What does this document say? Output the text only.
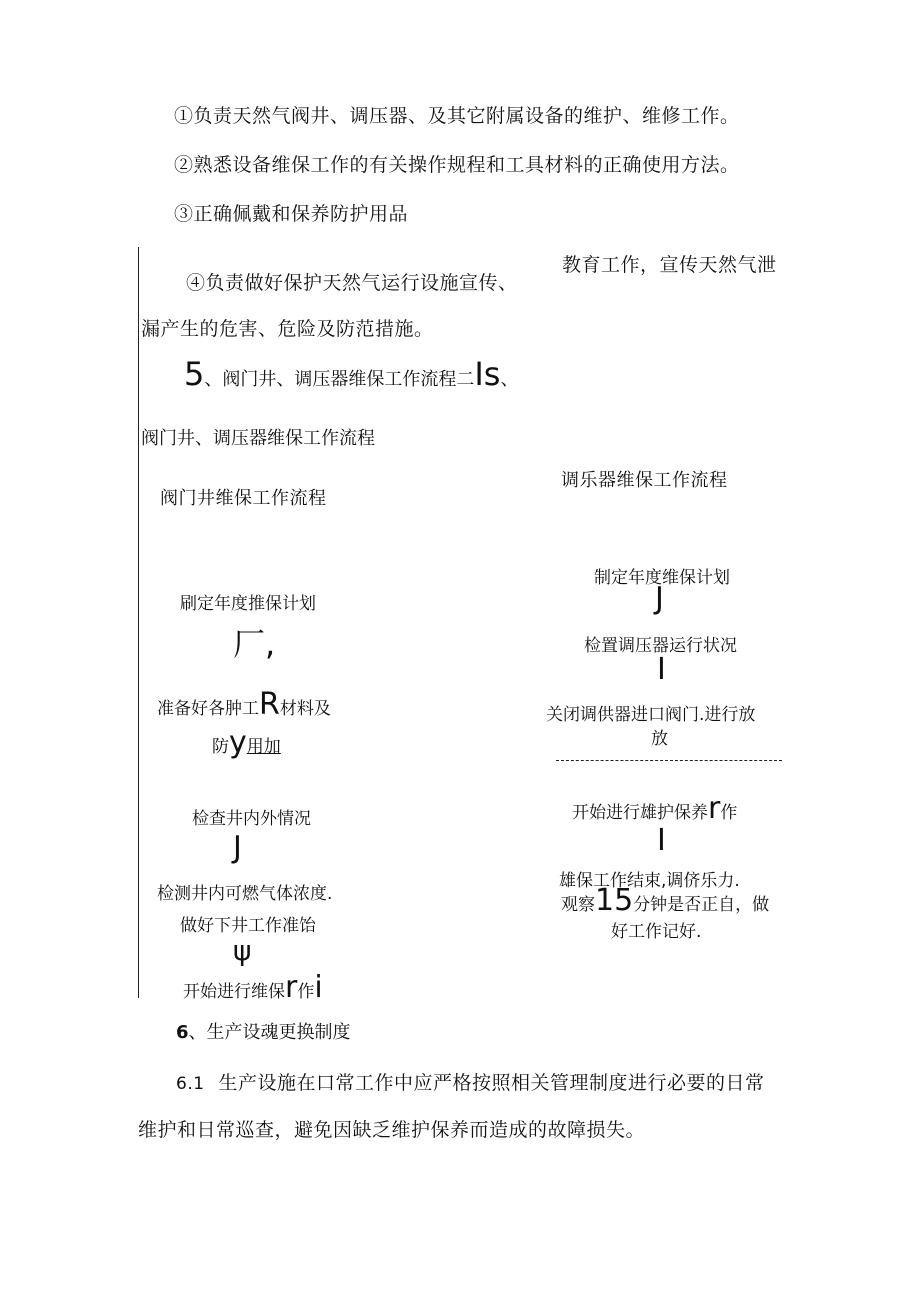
①负责天然气阀井、调压器、及其它附属设备的维护、维修工作。
②熟悉设备维保工作的有关操作规程和工具材料的正确使用方法。
③正确佩戴和保养防护用品
④负责做好保护天然气运行设施宣传、
教育工作，宣传天然气泄
漏产生的危害、危险及防范措施。
5、阀门井、调压器维保工作流程二Is、
阀门井、调压器维保工作流程
阀门井维保工作流程
刷定年度推保计划
厂,
准备好各肿工R材料及
防y用加
检查井内外情况
J
检测井内可燃气体浓度.
做好下井工作准饴
ψ
开始进行维保r作i
调乐器维保工作流程
制定年度维保计划
J
检置调压器运行状况
I
关闭调供器进口阀门.进行放
放
开始进行雄护保养r作
I
雄保工作结束,调侪乐力.
观察15分钟是否正自，做
好工作记好.
6、生产设魂更换制度
6.1 生产设施在口常工作中应严格按照相关管理制度进行必要的日常
维护和日常巡查，避免因缺乏维护保养而造成的故障损失。
